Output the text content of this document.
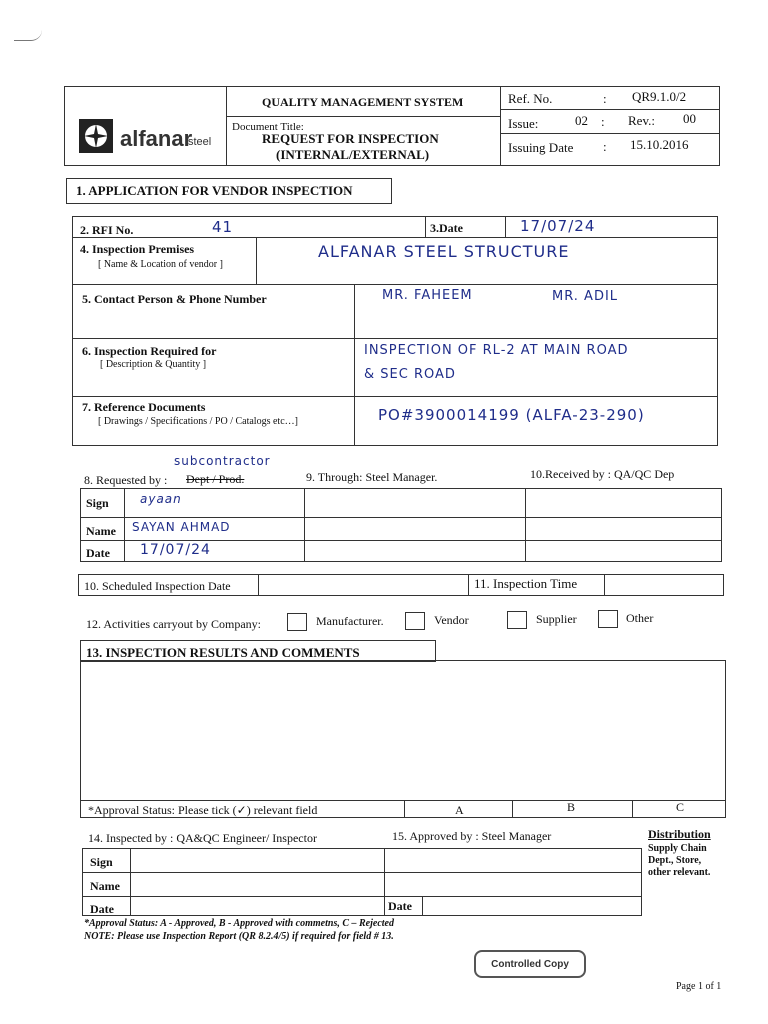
alfanar
steel
QUALITY MANAGEMENT SYSTEM
Document Title:
REQUEST FOR INSPECTION
(INTERNAL/EXTERNAL)
Ref. No.	: QR9.1.0/2
Issue:	02 : Rev.: 00
Issuing Date : 15.10.2016
1. APPLICATION FOR VENDOR INSPECTION
2. RFI No.	41	3.Date	17/07/24
4. Inspection Premises
[ Name & Location of vendor ]
ALFANAR STEEL STRUCTURE
5. Contact Person & Phone Number	MR. FAHEEM	MR. ADIL
6. Inspection Required for
[ Description & Quantity ]
INSPECTION OF RL-2 AT MAIN ROAD
& SEC ROAD
7. Reference Documents
[ Drawings / Specifications / PO / Catalogs etc…]	PO#3900014199 (ALFA-23-290)
subcontractor
8. Requested by : Dept / Prod.	9. Through: Steel Manager.	10.Received by : QA/QC Dep
Sign	ayaan
Name SAYAN AHMAD
Date 17/07/24
10. Scheduled Inspection Date	11. Inspection Time
12. Activities carryout by Company:	Manufacturer.	Vendor	Supplier	Other
13. INSPECTION RESULTS AND COMMENTS
*Approval Status: Please tick (✓) relevant field	A	B	C
14. Inspected by : QA&QC Engineer/ Inspector	15. Approved by : Steel Manager
Sign
Name
Date	Date
Distribution
Supply Chain
Dept., Store,
other relevant.
*Approval Status: A - Approved, B - Approved with commetns, C – Rejected
NOTE: Please use Inspection Report (QR 8.2.4/5) if required for field # 13.
Controlled Copy
Page 1 of 1
